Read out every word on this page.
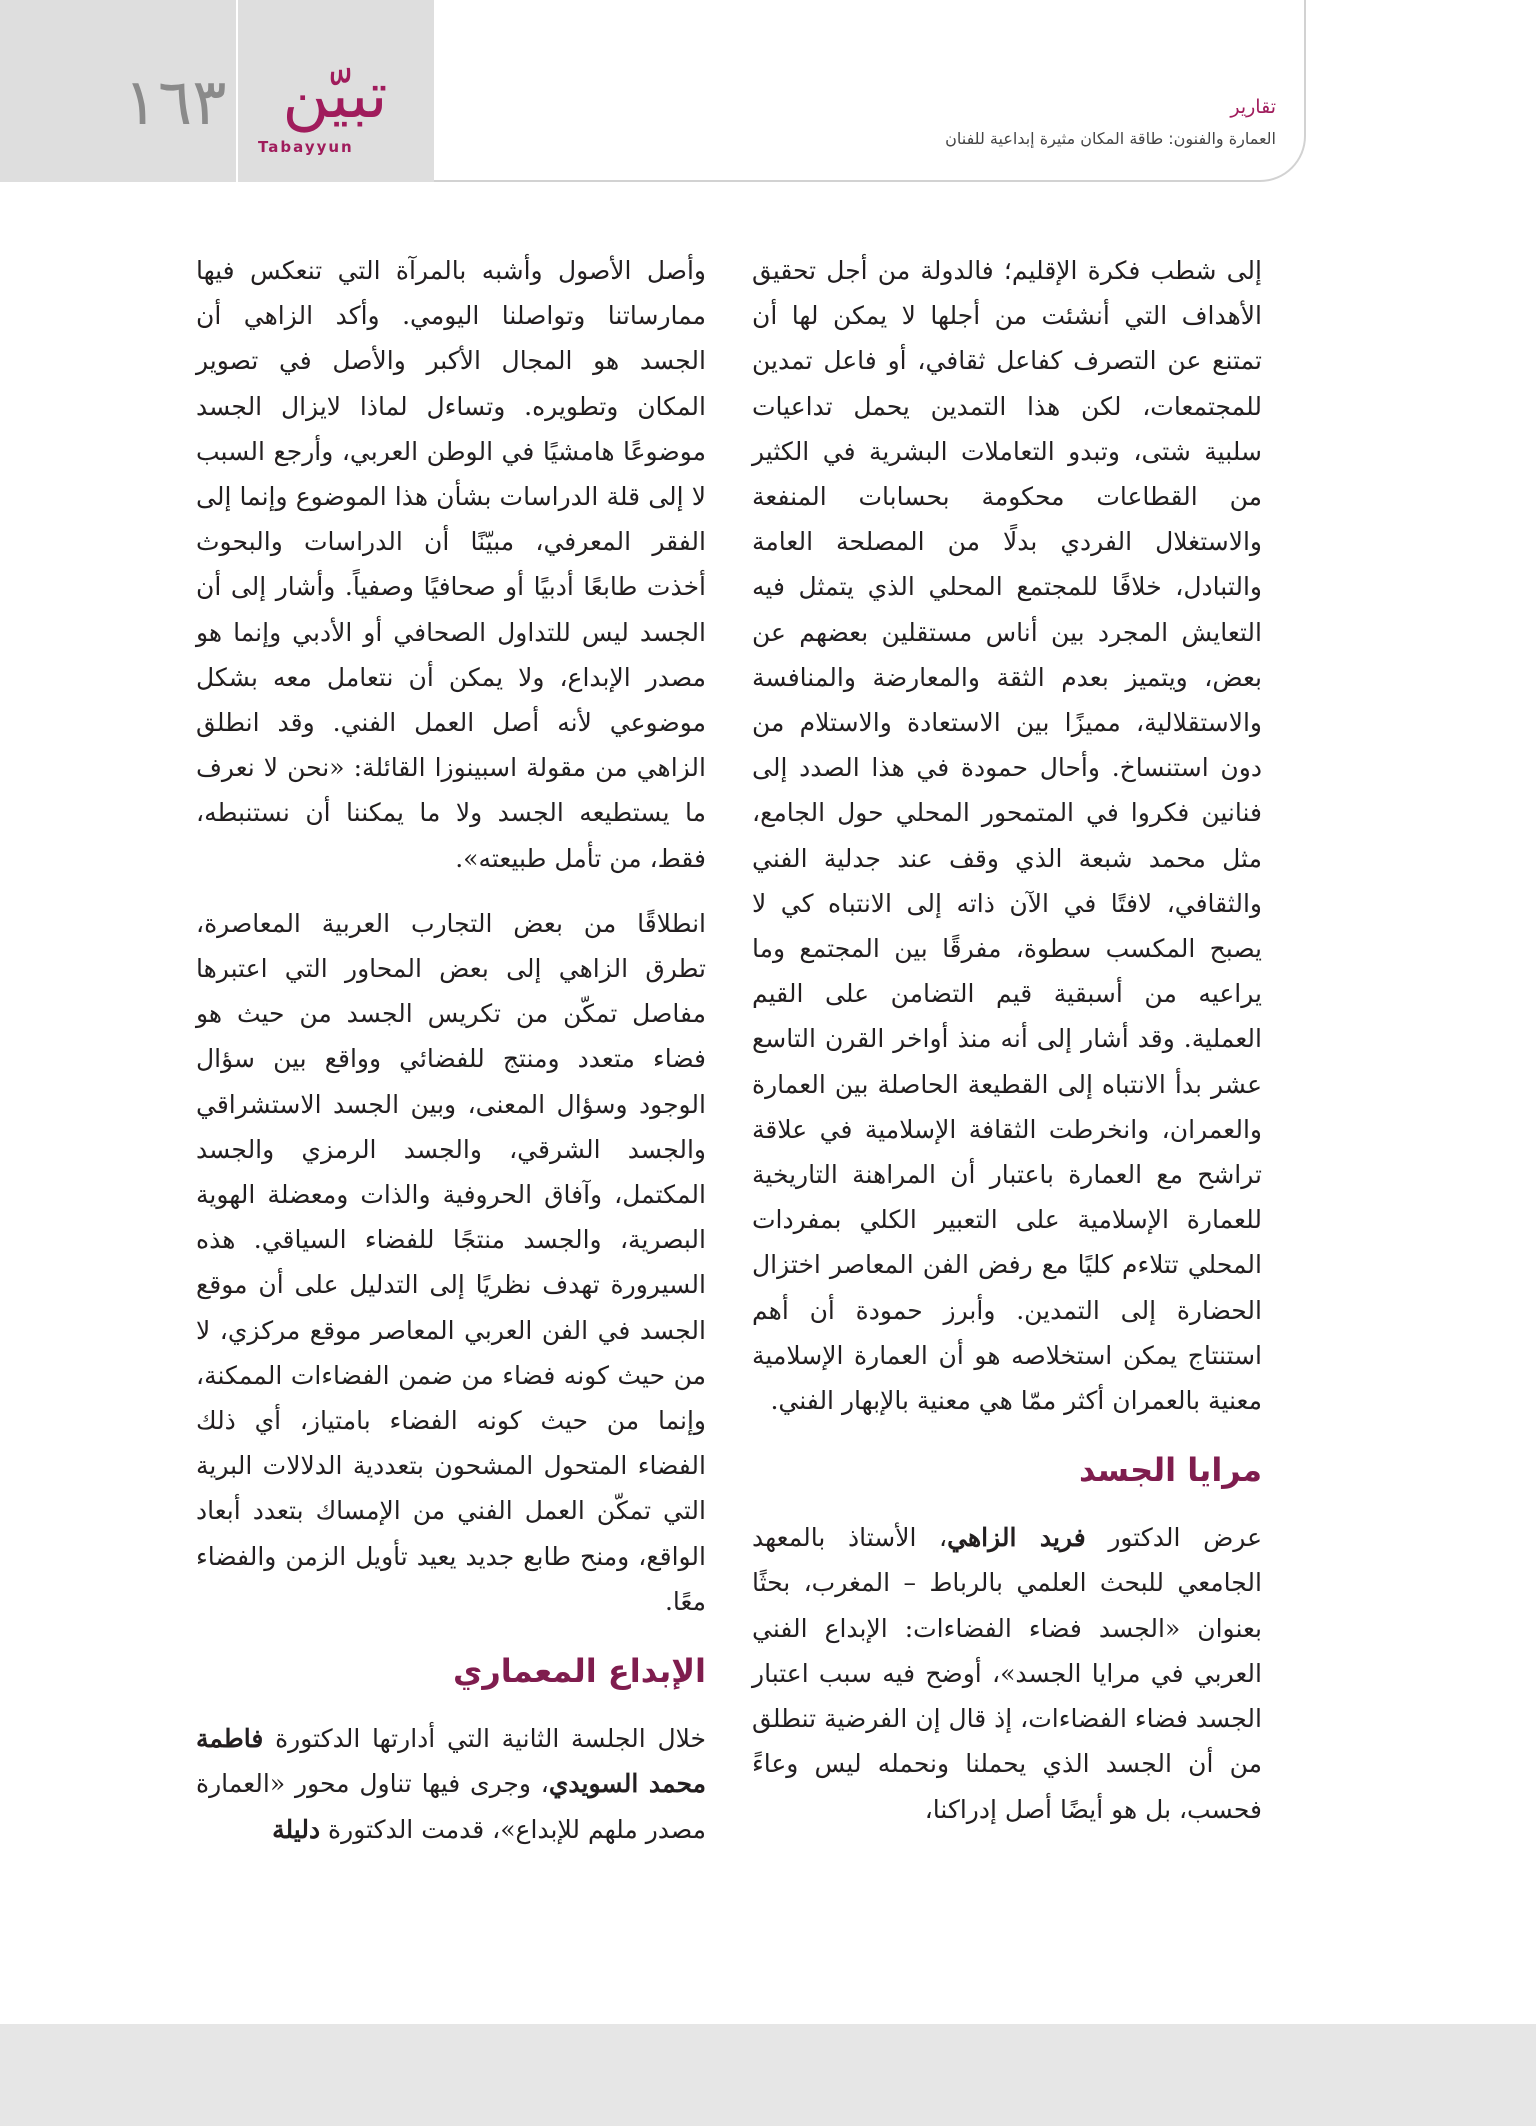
١٦٣ تبيّن
Tabayyun
تقارير
العمارة والفنون: طاقة المكان مثيرة إبداعية للفنان

إلى شطب فكرة الإقليم؛ فالدولة من أجل تحقيق الأهداف التي أنشئت من أجلها لا يمكن لها أن تمتنع عن التصرف كفاعل ثقافي، أو فاعل تمدين للمجتمعات، لكن هذا التمدين يحمل تداعيات سلبية شتى، وتبدو التعاملات البشرية في الكثير من القطاعات محكومة بحسابات المنفعة والاستغلال الفردي بدلًا من المصلحة العامة والتبادل، خلافًا للمجتمع المحلي الذي يتمثل فيه التعايش المجرد بين أناس مستقلين بعضهم عن بعض، ويتميز بعدم الثقة والمعارضة والمنافسة والاستقلالية، مميزًا بين الاستعادة والاستلام من دون استنساخ. وأحال حمودة في هذا الصدد إلى فنانين فكروا في المتمحور المحلي حول الجامع، مثل محمد شبعة الذي وقف عند جدلية الفني والثقافي، لافتًا في الآن ذاته إلى الانتباه كي لا يصبح المكسب سطوة، مفرقًا بين المجتمع وما يراعيه من أسبقية قيم التضامن على القيم العملية. وقد أشار إلى أنه منذ أواخر القرن التاسع عشر بدأ الانتباه إلى القطيعة الحاصلة بين العمارة والعمران، وانخرطت الثقافة الإسلامية في علاقة تراشح مع العمارة باعتبار أن المراهنة التاريخية للعمارة الإسلامية على التعبير الكلي بمفردات المحلي تتلاءم كليًا مع رفض الفن المعاصر اختزال الحضارة إلى التمدين. وأبرز حمودة أن أهم استنتاج يمكن استخلاصه هو أن العمارة الإسلامية معنية بالعمران أكثر ممّا هي معنية بالإبهار الفني.

مرايا الجسد

عرض الدكتور فريد الزاهي، الأستاذ بالمعهد الجامعي للبحث العلمي بالرباط – المغرب، بحثًا بعنوان «الجسد فضاء الفضاءات: الإبداع الفني العربي في مرايا الجسد»، أوضح فيه سبب اعتبار الجسد فضاء الفضاءات، إذ قال إن الفرضية تنطلق من أن الجسد الذي يحملنا ونحمله ليس وعاءً فحسب، بل هو أيضًا أصل إدراكنا،

وأصل الأصول وأشبه بالمرآة التي تنعكس فيها ممارساتنا وتواصلنا اليومي. وأكد الزاهي أن الجسد هو المجال الأكبر والأصل في تصوير المكان وتطويره. وتساءل لماذا لايزال الجسد موضوعًا هامشيًا في الوطن العربي، وأرجع السبب لا إلى قلة الدراسات بشأن هذا الموضوع وإنما إلى الفقر المعرفي، مبيّنًا أن الدراسات والبحوث أخذت طابعًا أدبيًا أو صحافيًا وصفياً. وأشار إلى أن الجسد ليس للتداول الصحافي أو الأدبي وإنما هو مصدر الإبداع، ولا يمكن أن نتعامل معه بشكل موضوعي لأنه أصل العمل الفني. وقد انطلق الزاهي من مقولة اسبينوزا القائلة: «نحن لا نعرف ما يستطيعه الجسد ولا ما يمكننا أن نستنبطه، فقط، من تأمل طبيعته».

انطلاقًا من بعض التجارب العربية المعاصرة، تطرق الزاهي إلى بعض المحاور التي اعتبرها مفاصل تمكّن من تكريس الجسد من حيث هو فضاء متعدد ومنتج للفضائي وواقع بين سؤال الوجود وسؤال المعنى، وبين الجسد الاستشراقي والجسد الشرقي، والجسد الرمزي والجسد المكتمل، وآفاق الحروفية والذات ومعضلة الهوية البصرية، والجسد منتجًا للفضاء السياقي. هذه السيرورة تهدف نظريًا إلى التدليل على أن موقع الجسد في الفن العربي المعاصر موقع مركزي، لا من حيث كونه فضاء من ضمن الفضاءات الممكنة، وإنما من حيث كونه الفضاء بامتياز، أي ذلك الفضاء المتحول المشحون بتعددية الدلالات البرية التي تمكّن العمل الفني من الإمساك بتعدد أبعاد الواقع، ومنح طابع جديد يعيد تأويل الزمن والفضاء معًا.

الإبداع المعماري

خلال الجلسة الثانية التي أدارتها الدكتورة فاطمة محمد السويدي، وجرى فيها تناول محور «العمارة مصدر ملهم للإبداع»، قدمت الدكتورة دليلة
